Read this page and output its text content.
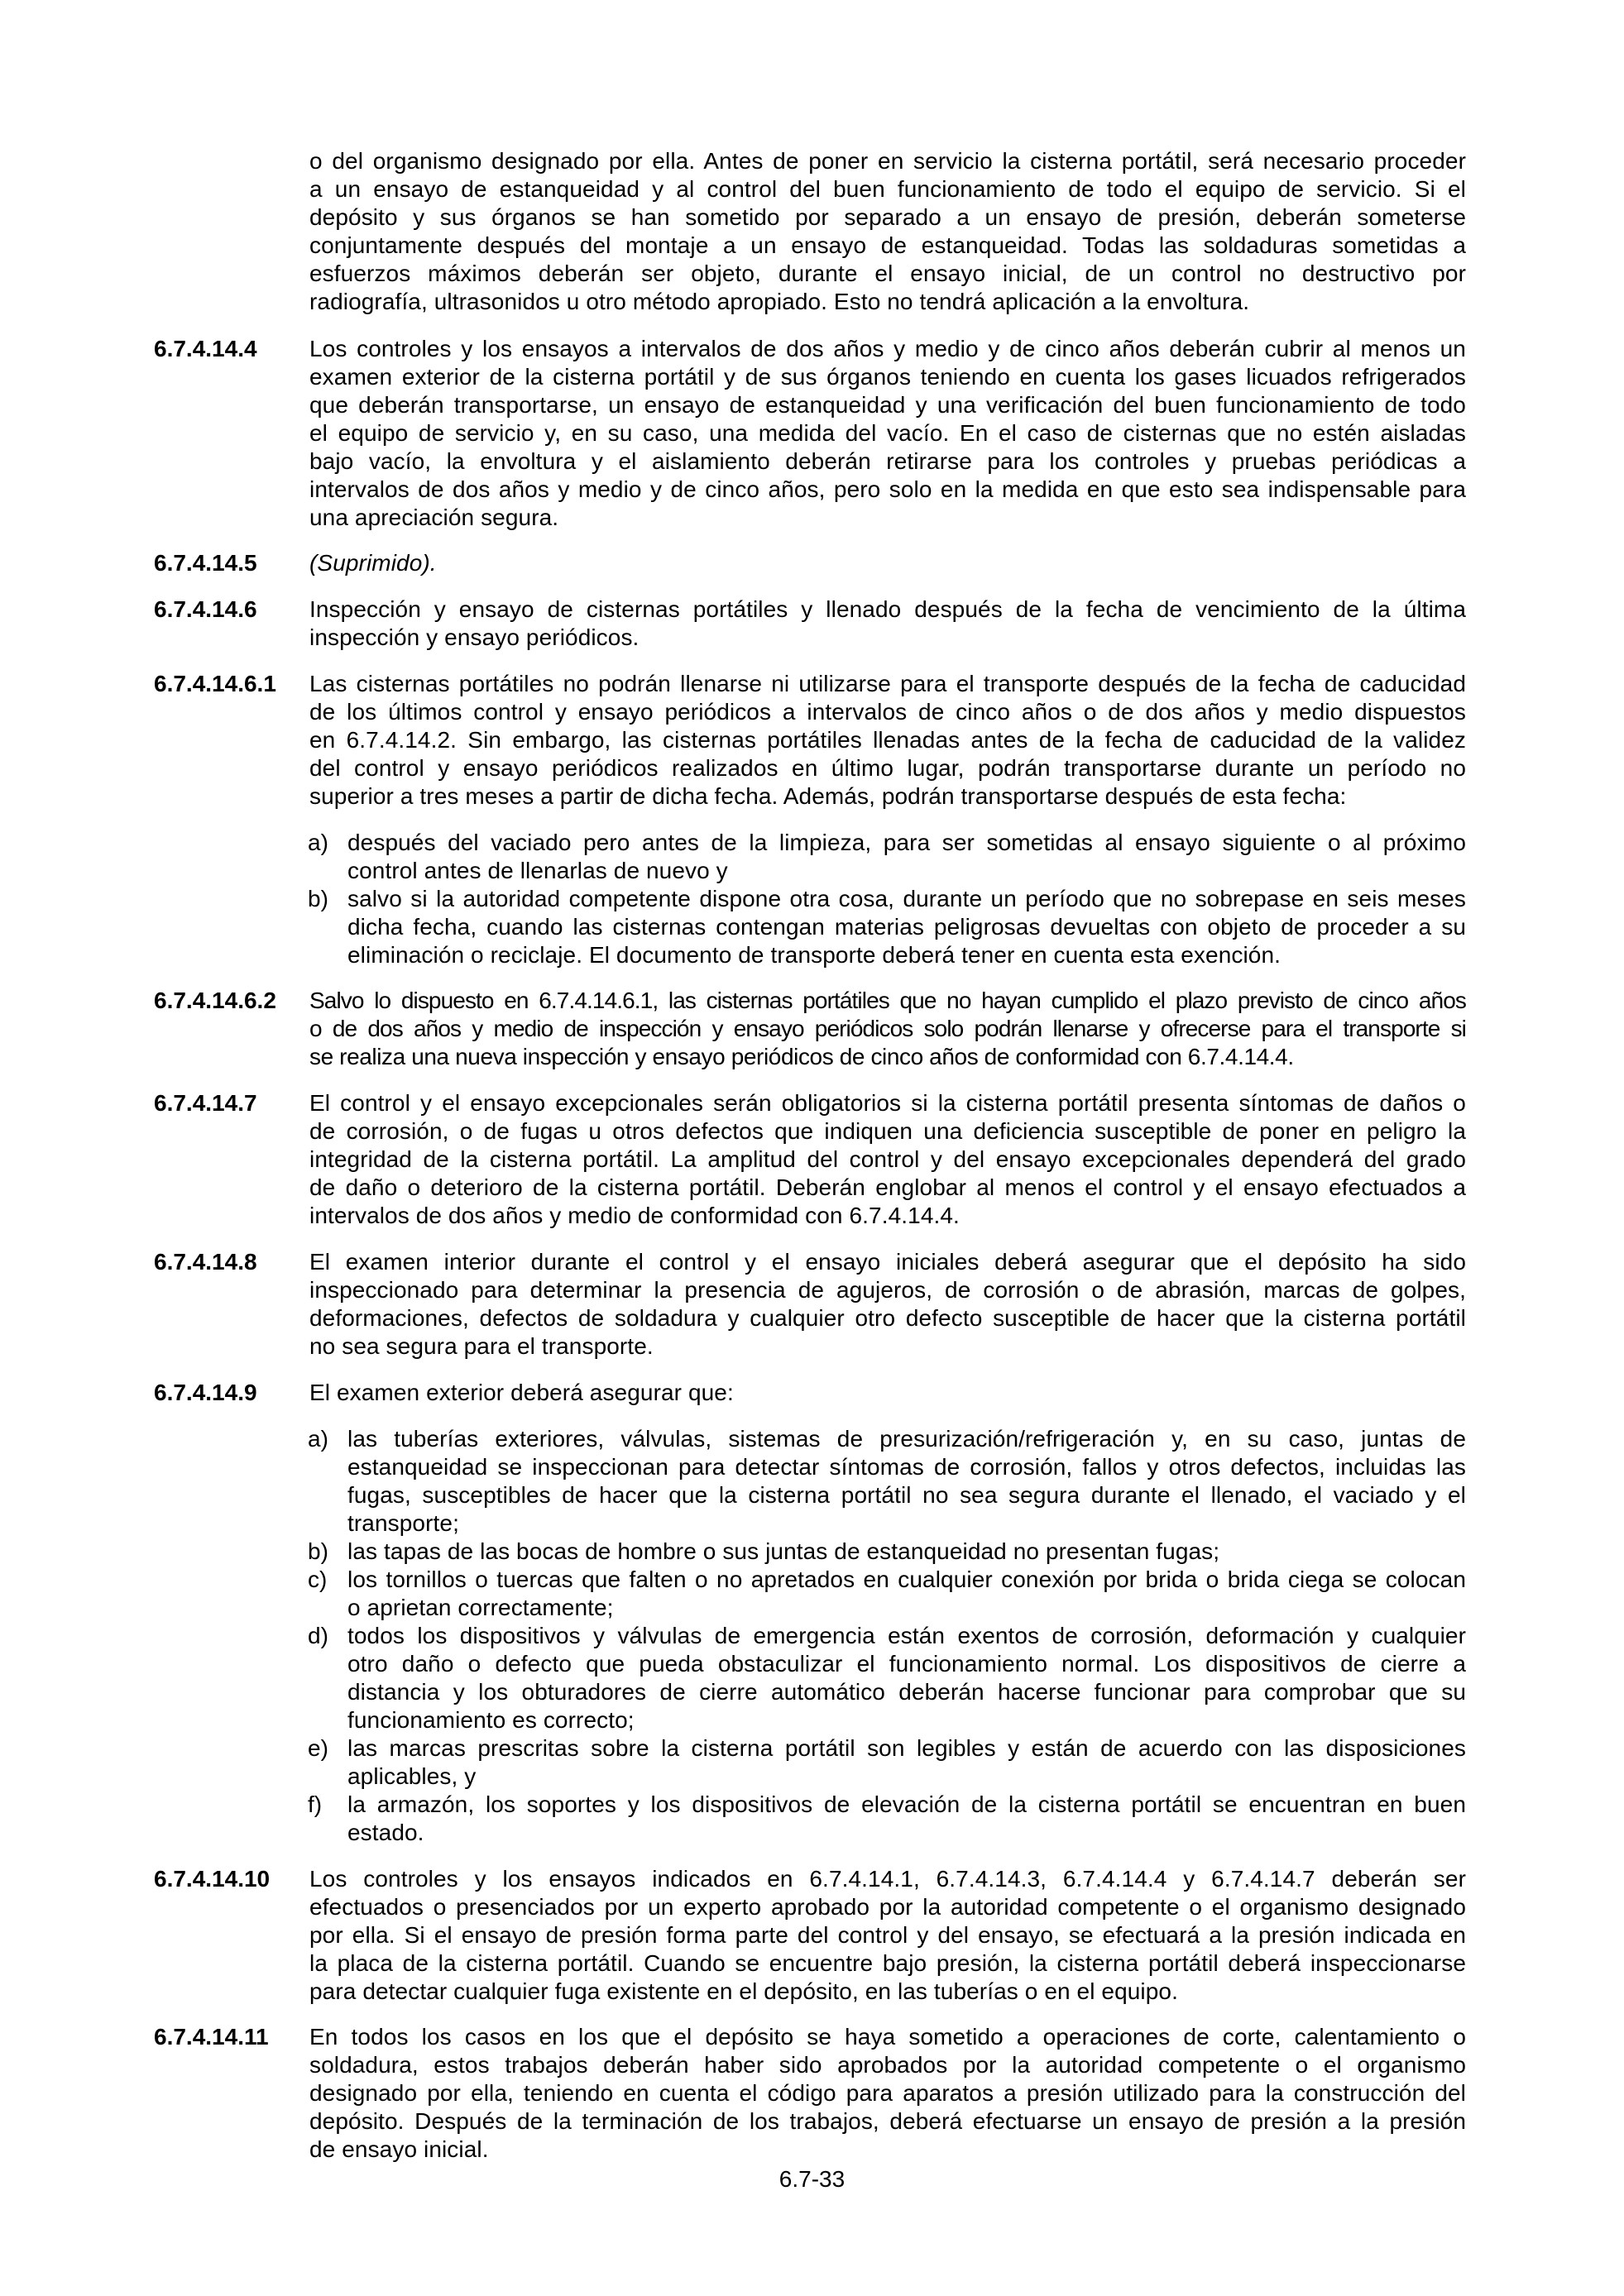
o del organismo designado por ella. Antes de poner en servicio la cisterna portátil, será necesario proceder
a un ensayo de estanqueidad y al control del buen funcionamiento de todo el equipo de servicio. Si el
depósito y sus órganos se han sometido por separado a un ensayo de presión, deberán someterse
conjuntamente después del montaje a un ensayo de estanqueidad. Todas las soldaduras sometidas a
esfuerzos máximos deberán ser objeto, durante el ensayo inicial, de un control no destructivo por
radiografía, ultrasonidos u otro método apropiado. Esto no tendrá aplicación a la envoltura.
6.7.4.14.4 Los controles y los ensayos a intervalos de dos años y medio y de cinco años deberán cubrir al menos un
examen exterior de la cisterna portátil y de sus órganos teniendo en cuenta los gases licuados refrigerados
que deberán transportarse, un ensayo de estanqueidad y una verificación del buen funcionamiento de todo
el equipo de servicio y, en su caso, una medida del vacío. En el caso de cisternas que no estén aisladas
bajo vacío, la envoltura y el aislamiento deberán retirarse para los controles y pruebas periódicas a
intervalos de dos años y medio y de cinco años, pero solo en la medida en que esto sea indispensable para
una apreciación segura.
6.7.4.14.5 (Suprimido).
6.7.4.14.6 Inspección y ensayo de cisternas portátiles y llenado después de la fecha de vencimiento de la última
inspección y ensayo periódicos.
6.7.4.14.6.1 Las cisternas portátiles no podrán llenarse ni utilizarse para el transporte después de la fecha de caducidad
de los últimos control y ensayo periódicos a intervalos de cinco años o de dos años y medio dispuestos
en 6.7.4.14.2. Sin embargo, las cisternas portátiles llenadas antes de la fecha de caducidad de la validez
del control y ensayo periódicos realizados en último lugar, podrán transportarse durante un período no
superior a tres meses a partir de dicha fecha. Además, podrán transportarse después de esta fecha:
a) después del vaciado pero antes de la limpieza, para ser sometidas al ensayo siguiente o al próximo
control antes de llenarlas de nuevo y
b) salvo si la autoridad competente dispone otra cosa, durante un período que no sobrepase en seis meses
dicha fecha, cuando las cisternas contengan materias peligrosas devueltas con objeto de proceder a su
eliminación o reciclaje. El documento de transporte deberá tener en cuenta esta exención.
6.7.4.14.6.2 Salvo lo dispuesto en 6.7.4.14.6.1, las cisternas portátiles que no hayan cumplido el plazo previsto de cinco años
o de dos años y medio de inspección y ensayo periódicos solo podrán llenarse y ofrecerse para el transporte si
se realiza una nueva inspección y ensayo periódicos de cinco años de conformidad con 6.7.4.14.4.
6.7.4.14.7 El control y el ensayo excepcionales serán obligatorios si la cisterna portátil presenta síntomas de daños o
de corrosión, o de fugas u otros defectos que indiquen una deficiencia susceptible de poner en peligro la
integridad de la cisterna portátil. La amplitud del control y del ensayo excepcionales dependerá del grado
de daño o deterioro de la cisterna portátil. Deberán englobar al menos el control y el ensayo efectuados a
intervalos de dos años y medio de conformidad con 6.7.4.14.4.
6.7.4.14.8 El examen interior durante el control y el ensayo iniciales deberá asegurar que el depósito ha sido
inspeccionado para determinar la presencia de agujeros, de corrosión o de abrasión, marcas de golpes,
deformaciones, defectos de soldadura y cualquier otro defecto susceptible de hacer que la cisterna portátil
no sea segura para el transporte.
6.7.4.14.9 El examen exterior deberá asegurar que:
a) las tuberías exteriores, válvulas, sistemas de presurización/refrigeración y, en su caso, juntas de
estanqueidad se inspeccionan para detectar síntomas de corrosión, fallos y otros defectos, incluidas las
fugas, susceptibles de hacer que la cisterna portátil no sea segura durante el llenado, el vaciado y el
transporte;
b) las tapas de las bocas de hombre o sus juntas de estanqueidad no presentan fugas;
c) los tornillos o tuercas que falten o no apretados en cualquier conexión por brida o brida ciega se colocan
o aprietan correctamente;
d) todos los dispositivos y válvulas de emergencia están exentos de corrosión, deformación y cualquier
otro daño o defecto que pueda obstaculizar el funcionamiento normal. Los dispositivos de cierre a
distancia y los obturadores de cierre automático deberán hacerse funcionar para comprobar que su
funcionamiento es correcto;
e) las marcas prescritas sobre la cisterna portátil son legibles y están de acuerdo con las disposiciones
aplicables, y
f) la armazón, los soportes y los dispositivos de elevación de la cisterna portátil se encuentran en buen
estado.
6.7.4.14.10 Los controles y los ensayos indicados en 6.7.4.14.1, 6.7.4.14.3, 6.7.4.14.4 y 6.7.4.14.7 deberán ser
efectuados o presenciados por un experto aprobado por la autoridad competente o el organismo designado
por ella. Si el ensayo de presión forma parte del control y del ensayo, se efectuará a la presión indicada en
la placa de la cisterna portátil. Cuando se encuentre bajo presión, la cisterna portátil deberá inspeccionarse
para detectar cualquier fuga existente en el depósito, en las tuberías o en el equipo.
6.7.4.14.11 En todos los casos en los que el depósito se haya sometido a operaciones de corte, calentamiento o
soldadura, estos trabajos deberán haber sido aprobados por la autoridad competente o el organismo
designado por ella, teniendo en cuenta el código para aparatos a presión utilizado para la construcción del
depósito. Después de la terminación de los trabajos, deberá efectuarse un ensayo de presión a la presión
de ensayo inicial.
6.7-33
